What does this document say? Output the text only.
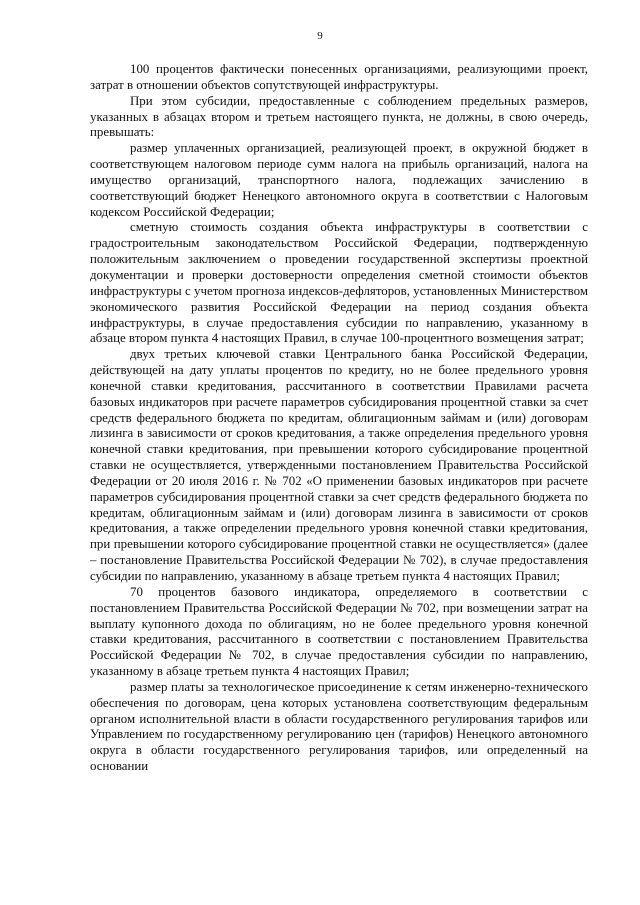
9

100 процентов фактически понесенных организациями, реализующими проект, затрат в отношении объектов сопутствующей инфраструктуры.

При этом субсидии, предоставленные с соблюдением предельных размеров, указанных в абзацах втором и третьем настоящего пункта, не должны, в свою очередь, превышать:

размер уплаченных организацией, реализующей проект, в окружной бюджет в соответствующем налоговом периоде сумм налога на прибыль организаций, налога на имущество организаций, транспортного налога, подлежащих зачислению в соответствующий бюджет Ненецкого автономного округа в соответствии с Налоговым кодексом Российской Федерации;

сметную стоимость создания объекта инфраструктуры в соответствии с градостроительным законодательством Российской Федерации, подтвержденную положительным заключением о проведении государственной экспертизы проектной документации и проверки достоверности определения сметной стоимости объектов инфраструктуры с учетом прогноза индексов-дефляторов, установленных Министерством экономического развития Российской Федерации на период создания объекта инфраструктуры, в случае предоставления субсидии по направлению, указанному в абзаце втором пункта 4 настоящих Правил, в случае 100-процентного возмещения затрат;

двух третьих ключевой ставки Центрального банка Российской Федерации, действующей на дату уплаты процентов по кредиту, но не более предельного уровня конечной ставки кредитования, рассчитанного в соответствии Правилами расчета базовых индикаторов при расчете параметров субсидирования процентной ставки за счет средств федерального бюджета по кредитам, облигационным займам и (или) договорам лизинга в зависимости от сроков кредитования, а также определения предельного уровня конечной ставки кредитования, при превышении которого субсидирование процентной ставки не осуществляется, утвержденными постановлением Правительства Российской Федерации от 20 июля 2016 г. № 702 «О применении базовых индикаторов при расчете параметров субсидирования процентной ставки за счет средств федерального бюджета по кредитам, облигационным займам и (или) договорам лизинга в зависимости от сроков кредитования, а также определении предельного уровня конечной ставки кредитования, при превышении которого субсидирование процентной ставки не осуществляется» (далее – постановление Правительства Российской Федерации № 702), в случае предоставления субсидии по направлению, указанному в абзаце третьем пункта 4 настоящих Правил;

70 процентов базового индикатора, определяемого в соответствии с постановлением Правительства Российской Федерации № 702, при возмещении затрат на выплату купонного дохода по облигациям, но не более предельного уровня конечной ставки кредитования, рассчитанного в соответствии с постановлением Правительства Российской Федерации № 702, в случае предоставления субсидии по направлению, указанному в абзаце третьем пункта 4 настоящих Правил;

размер платы за технологическое присоединение к сетям инженерно-технического обеспечения по договорам, цена которых установлена соответствующим федеральным органом исполнительной власти в области государственного регулирования тарифов или Управлением по государственному регулированию цен (тарифов) Ненецкого автономного округа в области государственного регулирования тарифов, или определенный на основании
